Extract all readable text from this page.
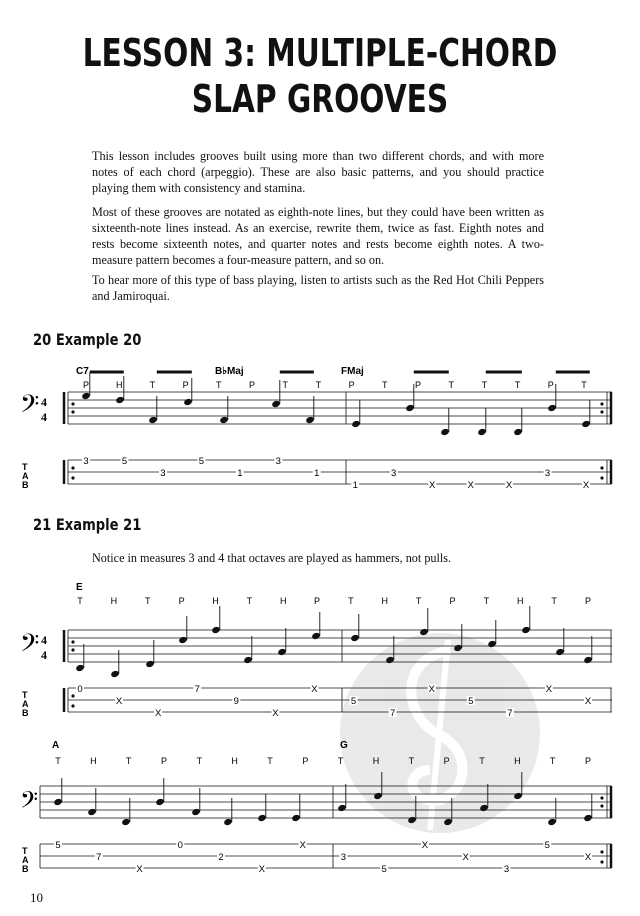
LESSON 3: MULTIPLE-CHORD
SLAP GROOVES
This lesson includes grooves built using more than two different chords, and with more notes of each chord (arpeggio). These are also basic patterns, and you should practice playing them with consistency and stamina.
Most of these grooves are notated as eighth-note lines, but they could have been written as sixteenth-note lines instead. As an exercise, rewrite them, twice as fast. Eighth notes and rests become sixteenth notes, and quarter notes and rests become eighth notes. A two-measure pattern becomes a four-measure pattern, and so on.
To hear more of this type of bass playing, listen to artists such as the Red Hot Chili Peppers and Jamiroquai.
20 Example 20
21 Example 21
Notice in measures 3 and 4 that octaves are played as hammers, not pulls.
10
𝄢 4
4
T
A
B
C7	B♭Maj	FMaj
P	H	T	P	T	P	T	T	P	T	P	T	T	T	P	T
3	5
3
5
1
3
1
1
3
X	X	X
3
X
𝄢 4
4
T
A
B
E
𝄢
T
A
B
A	G
T	H	T	P	H	T	H	P	T	H	T	P	T	H	T	P
T	H	T	P	T	H	T	P	T	H	T	P	T	H	T	P
0
X
X
7
9
X
X
5
7
X
5
7
X
X
5
7
X
0
2
X
X
3
5
X
X
3
5
X
